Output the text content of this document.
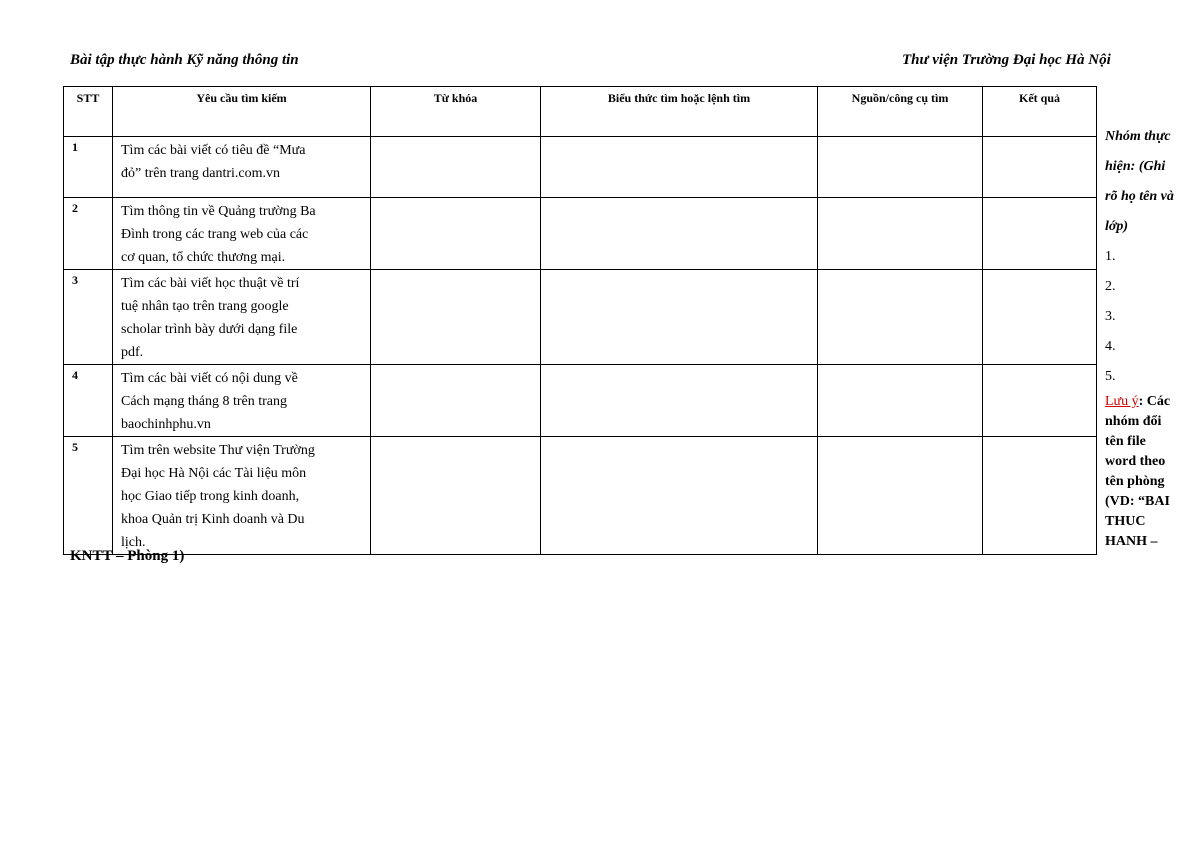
Bài tập thực hành Kỹ năng thông tin	Thư viện Trường Đại học Hà Nội
STT	Yêu cầu tìm kiếm	Từ khóa	Biểu thức tìm hoặc lệnh tìm	Nguồn/công cụ tìm	Kết quả
1	Tìm các bài viết có tiêu đề “Mưa
đỏ” trên trang dantri.com.vn				

2	Tìm thông tin về Quảng trường Ba
Đình trong các trang web của các
cơ quan, tổ chức thương mại.				

3	Tìm các bài viết học thuật về trí
tuệ nhân tạo trên trang google
scholar trình bày dưới dạng file
pdf.				

4	Tìm các bài viết có nội dung về
Cách mạng tháng 8 trên trang
baochinhphu.vn				

5	Tìm trên website Thư viện Trường
Đại học Hà Nội các Tài liệu môn
học Giao tiếp trong kinh doanh,
khoa Quản trị Kinh doanh và Du
lịch.				

Nhóm thực
hiện: (Ghi
rõ họ tên và
lớp)
1.
2.
3.
4.
5.
Lưu ý: Các
nhóm đổi
tên file
word theo
tên phòng
(VD: “BAI
THUC
HANH –
KNTT – Phòng 1)
